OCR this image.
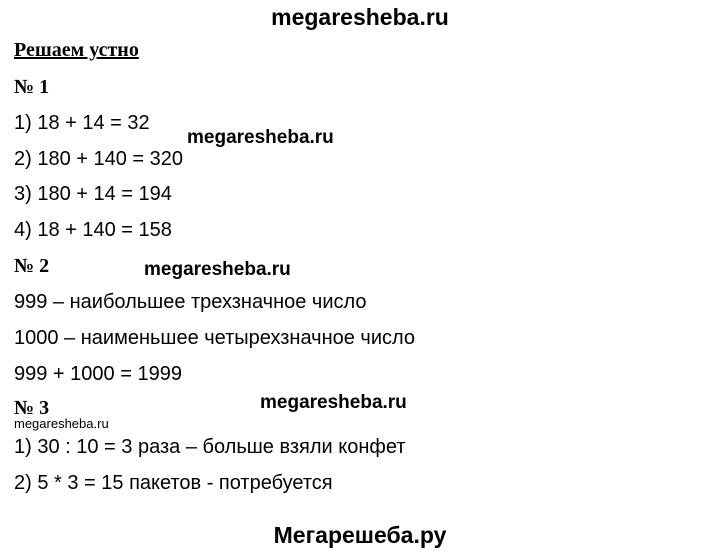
megaresheba.ru
Решаем устно
№ 1
1) 18 + 14 = 32
2) 180 + 140 = 320
3) 180 + 14 = 194
4) 18 + 140 = 158
megaresheba.ru
№ 2	megaresheba.ru
999 – наибольшее трехзначное число
1000 – наименьшее четырехзначное число
999 + 1000 = 1999
№ 3	megaresheba.ru
megaresheba.ru
1) 30 : 10 = 3 раза – больше взяли конфет
2) 5 * 3 = 15 пакетов - потребуется
Мегарешеба.ру
